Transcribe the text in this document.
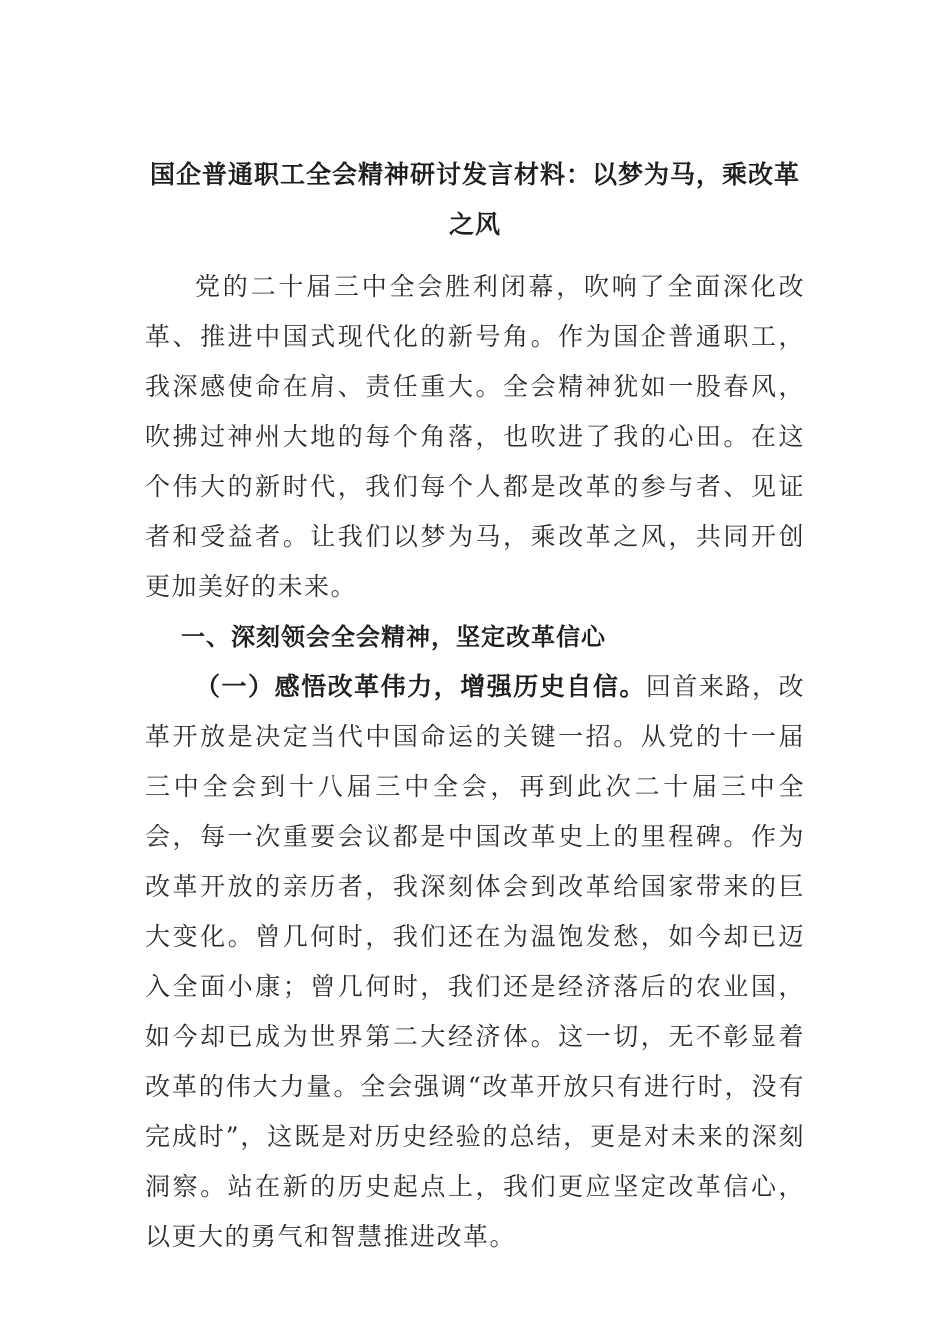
国企普通职工全会精神研讨发言材料：以梦为马，乘改革之风

党的二十届三中全会胜利闭幕，吹响了全面深化改革、推进中国式现代化的新号角。作为国企普通职工，我深感使命在肩、责任重大。全会精神犹如一股春风，吹拂过神州大地的每个角落，也吹进了我的心田。在这个伟大的新时代，我们每个人都是改革的参与者、见证者和受益者。让我们以梦为马，乘改革之风，共同开创更加美好的未来。

一、深刻领会全会精神，坚定改革信心

（一）感悟改革伟力，增强历史自信。回首来路，改革开放是决定当代中国命运的关键一招。从党的十一届三中全会到十八届三中全会，再到此次二十届三中全会，每一次重要会议都是中国改革史上的里程碑。作为改革开放的亲历者，我深刻体会到改革给国家带来的巨大变化。曾几何时，我们还在为温饱发愁，如今却已迈入全面小康；曾几何时，我们还是经济落后的农业国，如今却已成为世界第二大经济体。这一切，无不彰显着改革的伟大力量。全会强调“改革开放只有进行时，没有完成时”，这既是对历史经验的总结，更是对未来的深刻洞察。站在新的历史起点上，我们更应坚定改革信心，以更大的勇气和智慧推进改革。
